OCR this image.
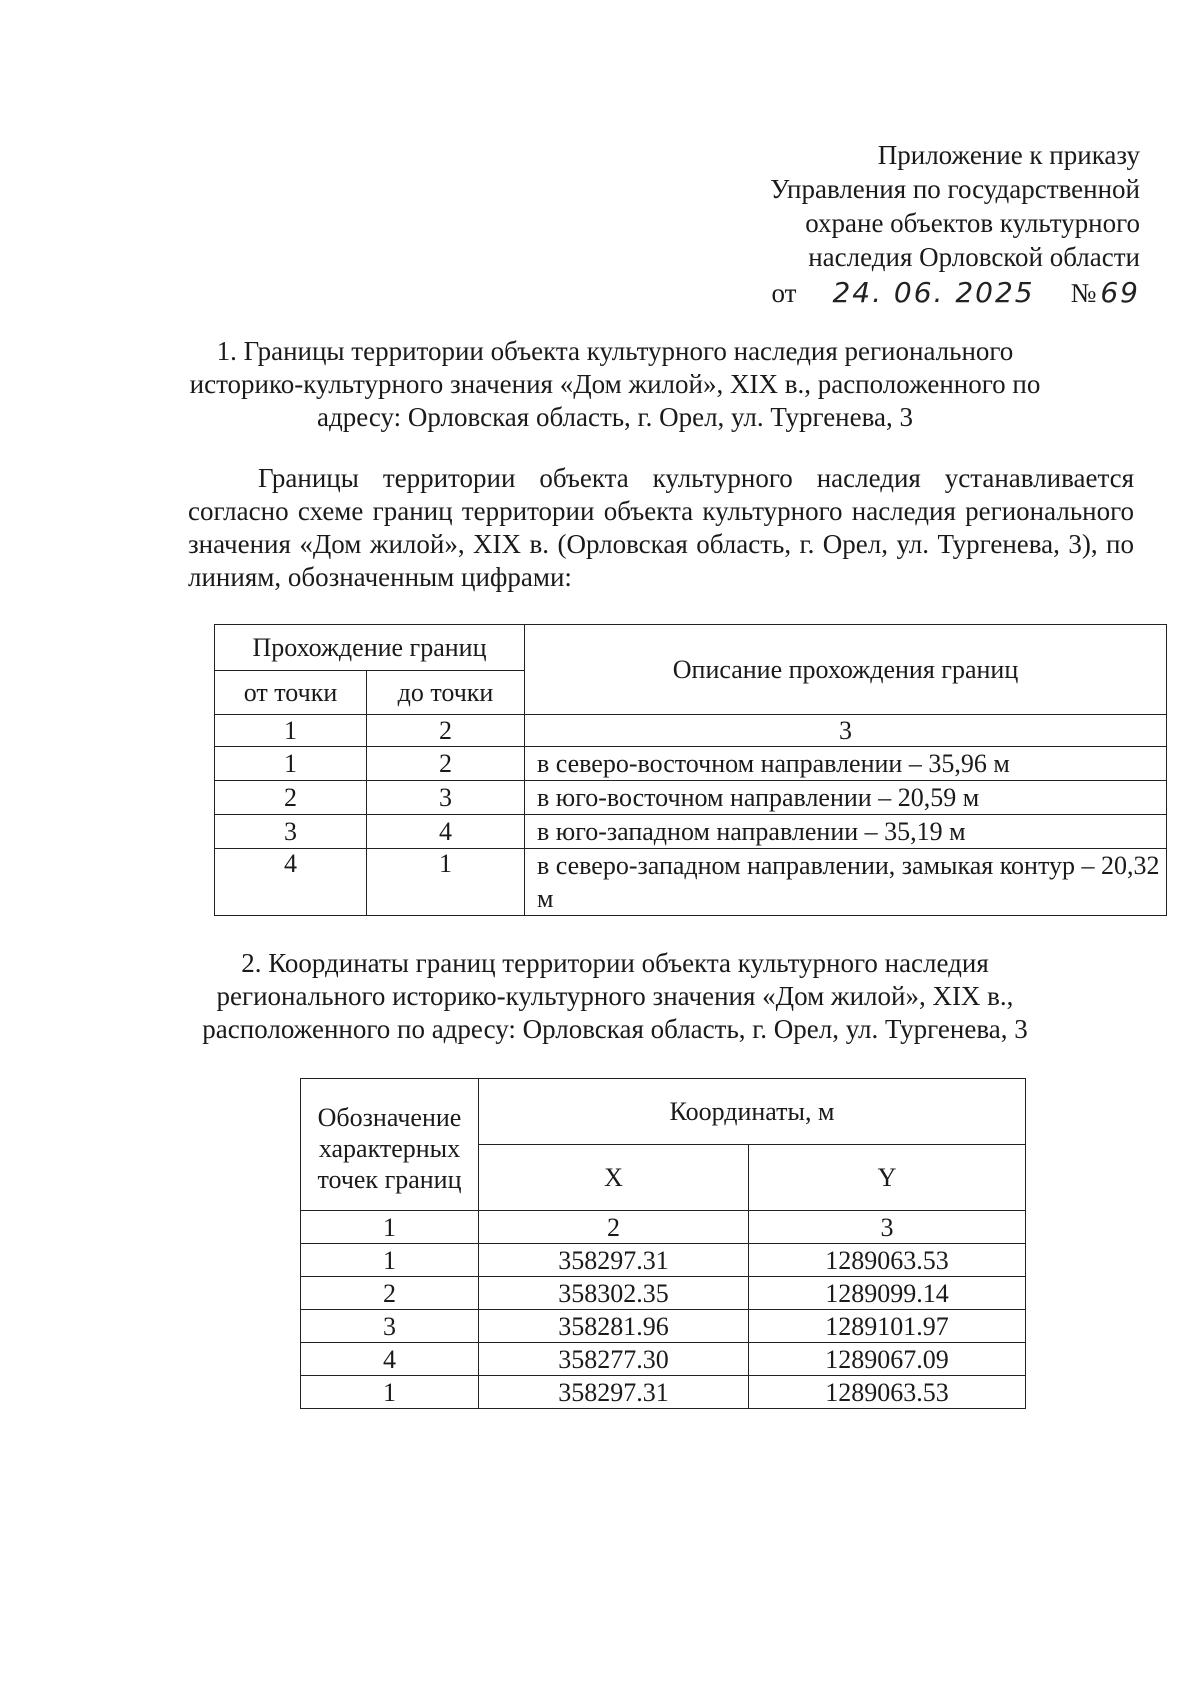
Приложение к приказу
Управления по государственной
охране объектов культурного
наследия Орловской области
от 24. 06. 2025 № 69
1. Границы территории объекта культурного наследия регионального
историко-культурного значения «Дом жилой», XIX в., расположенного по
адресу: Орловская область, г. Орел, ул. Тургенева, 3
Границы территории объекта культурного наследия устанавливается согласно схеме границ территории объекта культурного наследия регионального значения «Дом жилой», XIX в. (Орловская область, г. Орел, ул. Тургенева, 3), по линиям, обозначенным цифрами:
Прохождение границ		Описание прохождения границ
от точки	до точки	
1	2	3
1	2	в северо-восточном направлении – 35,96 м
2	3	в юго-восточном направлении – 20,59 м
3	4	в юго-западном направлении – 35,19 м
4	1	в северо-западном направлении, замыкая контур – 20,32 м
2. Координаты границ территории объекта культурного наследия
регионального историко-культурного значения «Дом жилой», XIX в.,
расположенного по адресу: Орловская область, г. Орел, ул. Тургенева, 3
Обозначение характерных точек границ	Координаты, м	
	X	Y
1	2	3
1	358297.31	1289063.53
2	358302.35	1289099.14
3	358281.96	1289101.97
4	358277.30	1289067.09
1	358297.31	1289063.53
